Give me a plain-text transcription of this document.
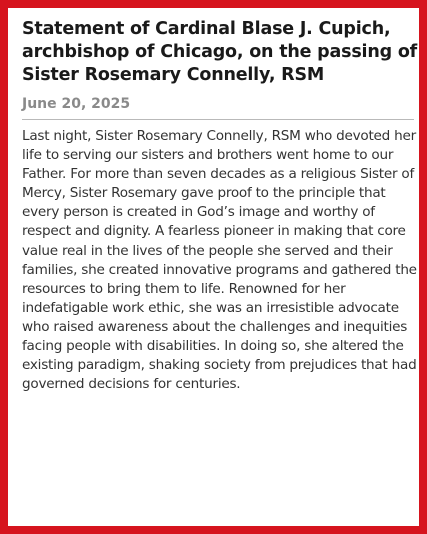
Statement of Cardinal Blase J. Cupich, archbishop of Chicago, on the passing of Sister Rosemary Connelly, RSM
June 20, 2025

Last night, Sister Rosemary Connelly, RSM who devoted her life to serving our sisters and brothers went home to our Father. For more than seven decades as a religious Sister of Mercy, Sister Rosemary gave proof to the principle that every person is created in God’s image and worthy of respect and dignity. A fearless pioneer in making that core value real in the lives of the people she served and their families, she created innovative programs and gathered the resources to bring them to life. Renowned for her indefatigable work ethic, she was an irresistible advocate who raised awareness about the challenges and inequities facing people with disabilities. In doing so, she altered the existing paradigm, shaking society from prejudices that had governed decisions for centuries.
